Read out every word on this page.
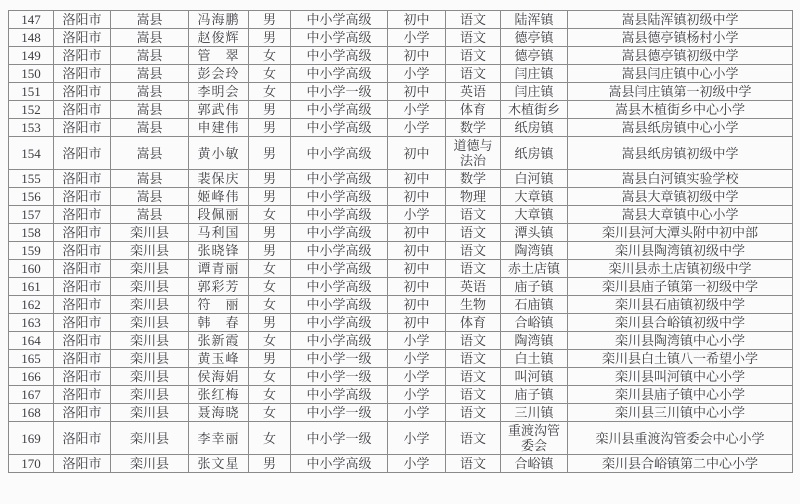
147	洛阳市	嵩县	冯海鹏	男	中小学高级	初中	语文	陆浑镇	嵩县陆浑镇初级中学
148	洛阳市	嵩县	赵俊辉	男	中小学高级	小学	语文	德亭镇	嵩县德亭镇杨村小学
149	洛阳市	嵩县	管　翠	女	中小学高级	初中	语文	德亭镇	嵩县德亭镇初级中学
150	洛阳市	嵩县	彭会玲	女	中小学高级	小学	语文	闫庄镇	嵩县闫庄镇中心小学
151	洛阳市	嵩县	李明会	女	中小学一级	初中	英语	闫庄镇	嵩县闫庄镇第一初级中学
152	洛阳市	嵩县	郭武伟	男	中小学高级	小学	体育	木植街乡	嵩县木植街乡中心小学
153	洛阳市	嵩县	申建伟	男	中小学高级	小学	数学	纸房镇	嵩县纸房镇中心小学
154	洛阳市	嵩县	黄小敏	男	中小学高级	初中	道德与法治	纸房镇	嵩县纸房镇初级中学
155	洛阳市	嵩县	裴保庆	男	中小学高级	初中	数学	白河镇	嵩县白河镇实验学校
156	洛阳市	嵩县	姬峰伟	男	中小学高级	初中	物理	大章镇	嵩县大章镇初级中学
157	洛阳市	嵩县	段佩丽	女	中小学高级	小学	语文	大章镇	嵩县大章镇中心小学
158	洛阳市	栾川县	马利国	男	中小学高级	初中	语文	潭头镇	栾川县河大潭头附中初中部
159	洛阳市	栾川县	张晓锋	男	中小学高级	初中	语文	陶湾镇	栾川县陶湾镇初级中学
160	洛阳市	栾川县	谭青丽	女	中小学高级	初中	语文	赤土店镇	栾川县赤土店镇初级中学
161	洛阳市	栾川县	郭彩芳	女	中小学高级	初中	英语	庙子镇	栾川县庙子镇第一初级中学
162	洛阳市	栾川县	符　丽	女	中小学高级	初中	生物	石庙镇	栾川县石庙镇初级中学
163	洛阳市	栾川县	韩　春	男	中小学高级	初中	体育	合峪镇	栾川县合峪镇初级中学
164	洛阳市	栾川县	张新霞	女	中小学高级	小学	语文	陶湾镇	栾川县陶湾镇中心小学
165	洛阳市	栾川县	黄玉峰	男	中小学一级	小学	语文	白土镇	栾川县白土镇八一希望小学
166	洛阳市	栾川县	侯海娟	女	中小学一级	小学	语文	叫河镇	栾川县叫河镇中心小学
167	洛阳市	栾川县	张红梅	女	中小学高级	小学	语文	庙子镇	栾川县庙子镇中心小学
168	洛阳市	栾川县	聂海晓	女	中小学一级	小学	语文	三川镇	栾川县三川镇中心小学
169	洛阳市	栾川县	李幸丽	女	中小学一级	小学	语文	重渡沟管委会	栾川县重渡沟管委会中心小学
170	洛阳市	栾川县	张文星	男	中小学高级	小学	语文	合峪镇	栾川县合峪镇第二中心小学
